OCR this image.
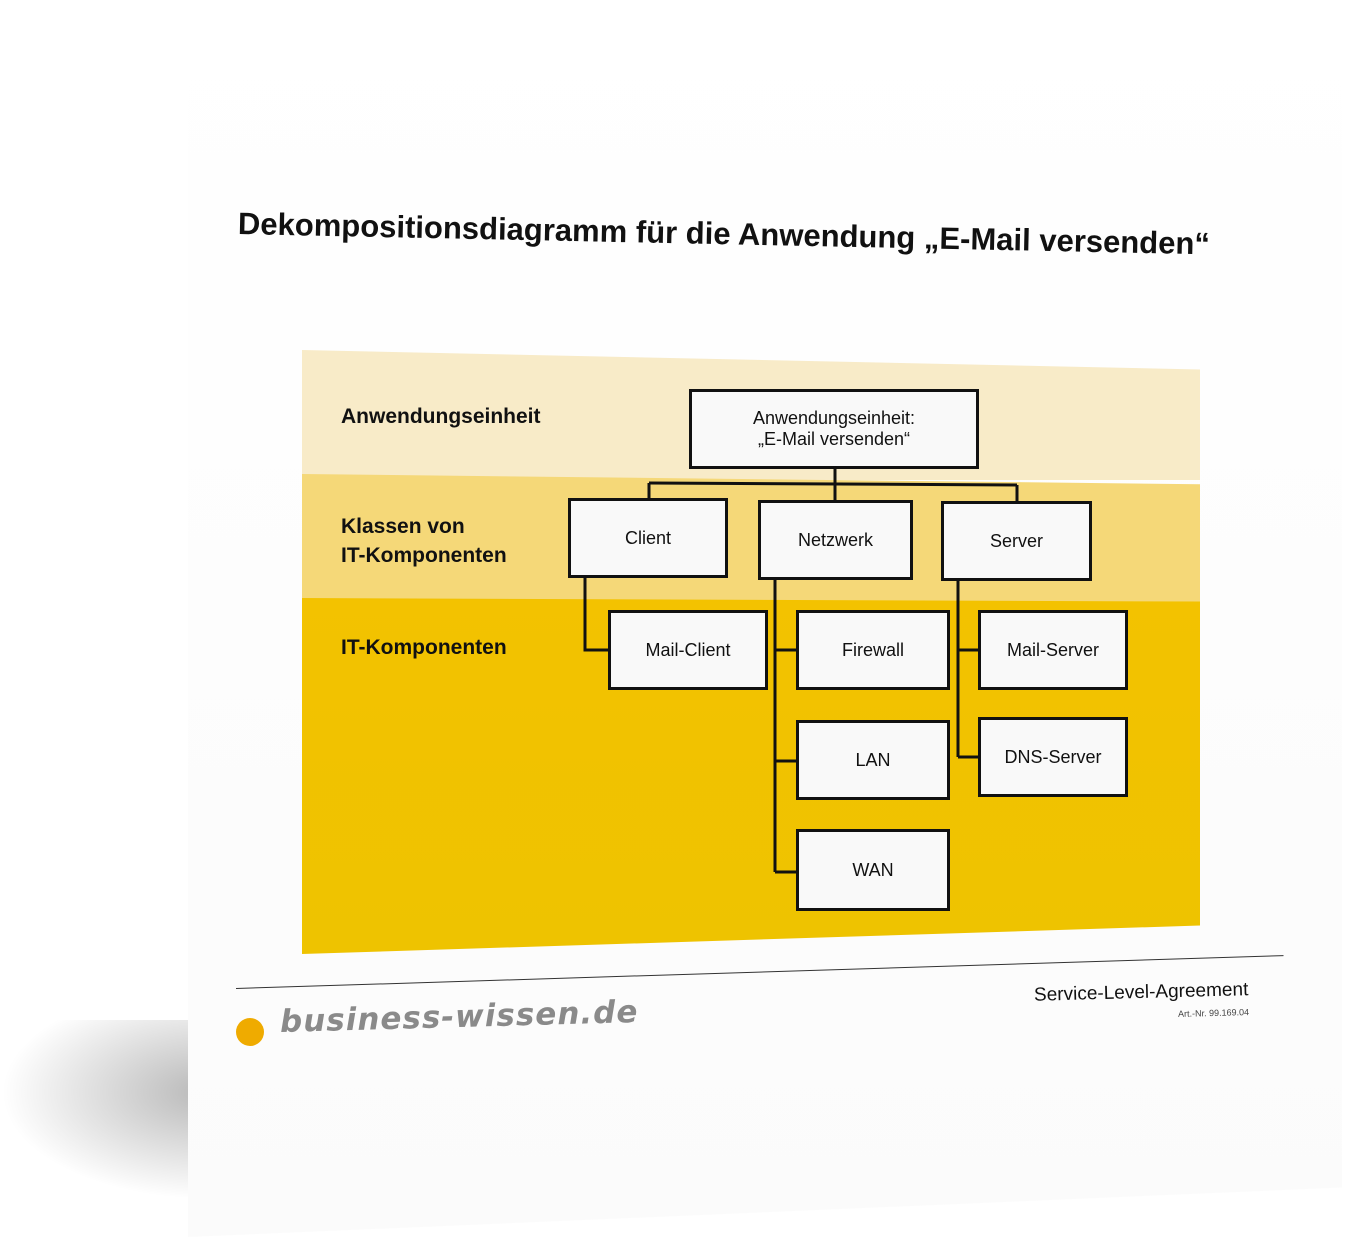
Dekompositionsdiagramm für die Anwendung „E-Mail versenden“
Anwendungseinheit
Klassen von
IT-Komponenten
IT-Komponenten
Anwendungseinheit:
„E-Mail versenden“
Client	Netzwerk	Server
Mail-Client	Firewall
LAN
WAN
Mail-Server
DNS-Server
business-wissen.de
Service-Level-Agreement
Art.-Nr. 99.169.04
